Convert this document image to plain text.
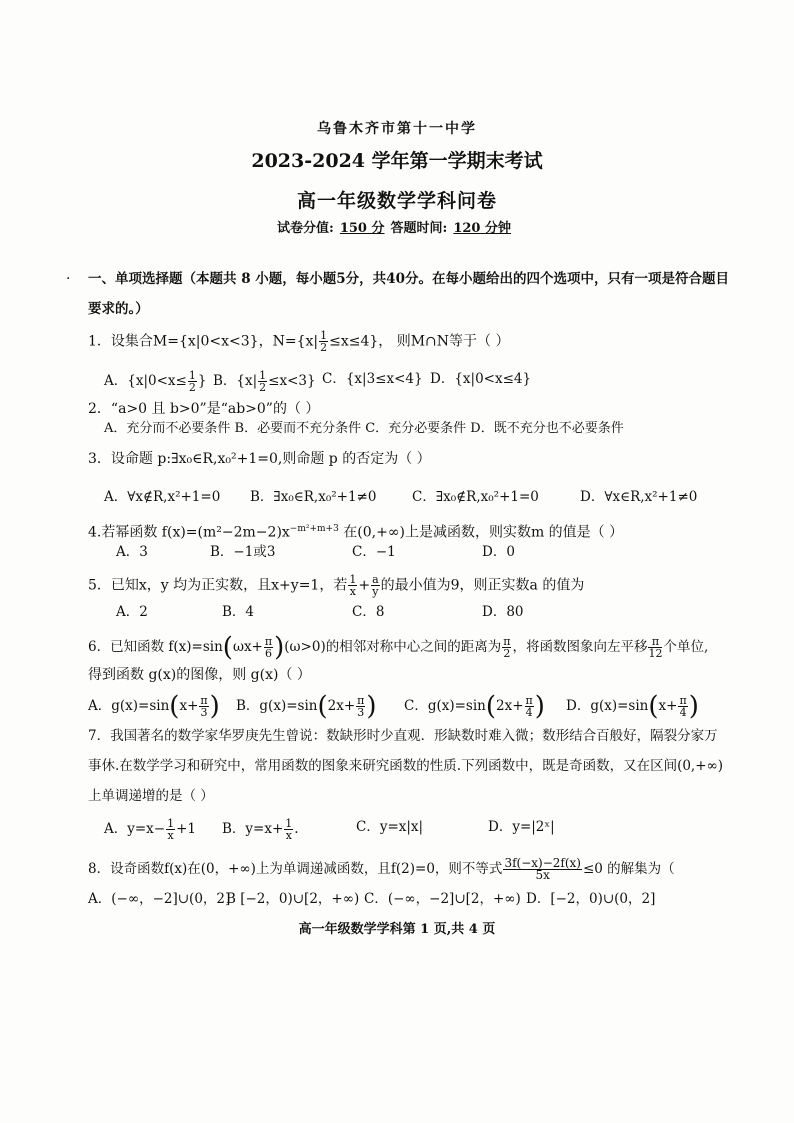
乌鲁木齐市第十一中学
2023-2024 学年第一学期末考试
高一年级数学学科问卷
试卷分值: 150 分 答题时间: 120 分钟
· 一、单项选择题（本题共 8 小题，每小题5分，共40分。在每小题给出的四个选项中，只有一项是符合题目
要求的。）
1．设集合M={x|0<x<3}，$N=\{x| \frac{1}{2} \le x\le 4\}$， 则M∩N等于（ ）
A．{$x|0<x\le \frac{1}{2}$ } B．$\{x| \frac{1}{2} \le x<3\}$ C．{x|3≤x<4} D．{x|0<x≤4}
2．“a>0 且 b>0”是“ab>0”的（ ）
A．充分而不必要条件 B．必要而不充分条件 C．充分必要条件 D．既不充分也不必要条件
3．设命题 p:∃x₀∈R,x₀²+1=0,则命题 p 的否定为（ ）
A．∀x∉R,x²+1=0 B．∃x₀∈R,x₀²+1≠0	C．∃x₀∉R,x₀²+1=0	D．∀x∈R,x²+1≠0
4.若幂函数 $f(x)=(m^2-2m-2)x^{-m^2+m+3}$ 在(0,+∞)上是减函数，则实数m 的值是（ ）
A．3	B．−1或3	C．−1	D．0
5．已知x，y 均为正实数，且x+y=1，若 $\frac{1}{x} + \frac{a}{y}$ 的最小值为9，则正实数a 的值为
A．2	B．4	C．8	D．80
6．已知函数 $f(x)=\sin(\omega x+ \frac{\pi}{6} )(\omega>0)$的相邻对称中心之间的距离为 $\frac{\pi}{2}$ ，将函数图象向左平移 $\frac{\pi}{12}$ 个单位,
得到函数 g(x)的图像，则 g(x)（ ）
A．$g(x)=\sin(x+ \frac{\pi}{3}$ ) B．$g(x)=\sin(2x+ \frac{\pi}{3}$ ) C．$g(x)=\sin(2x+ \frac{\pi}{4}$ ) D．$g(x)=\sin(x+ \frac{\pi}{4}$ )
7．我国著名的数学家华罗庚先生曾说：数缺形时少直观．形缺数时难入微；数形结合百般好，隔裂分家万
事休.在数学学习和研究中，常用函数的图象来研究函数的性质.下列函数中，既是奇函数，又在区间(0,+∞)
上单调递增的是（ ）
A．$y=x- \frac{1}{x} +1$ B．$y=x+ \frac{1}{x}$ .	C．y=x|x|	D．y=|2ˣ|
8．设奇函数f(x)在(0，+∞)上为单调递减函数，且f(2)=0，则不等式 $\frac{3f(-x)-2f(x)}{5x} \le 0$ 的解集为（
A．(−∞，−2]∪(0，2]
B [−2，0)∪[2，+∞) C．(−∞，−2]∪[2，+∞) D．[−2，0)∪(0，2]
高一年级数学学科第 1 页,共 4 页
